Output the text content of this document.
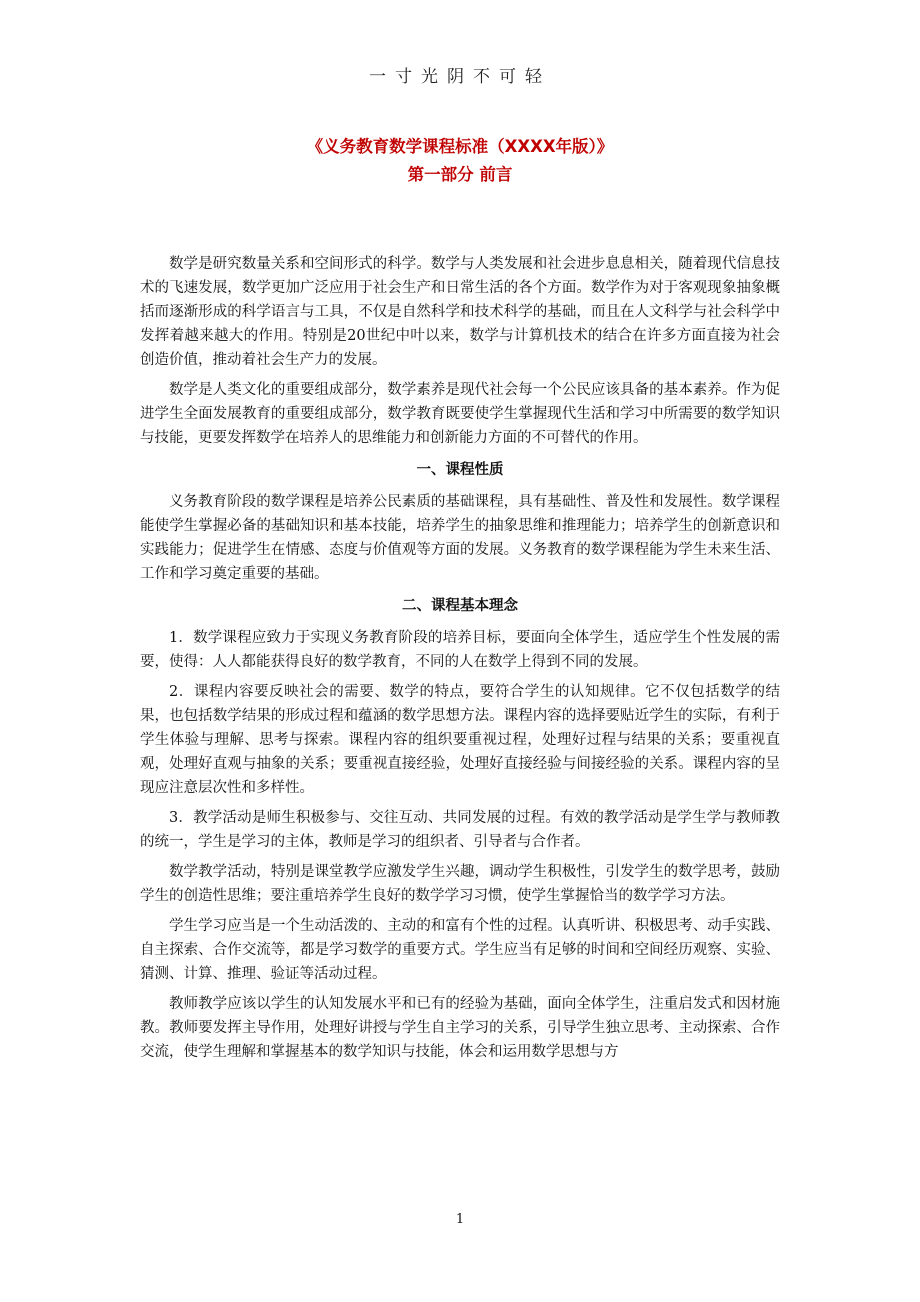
一寸光阴不可轻
《义务教育数学课程标准（XXXX年版）》
第一部分 前言

数学是研究数量关系和空间形式的科学。数学与人类发展和社会进步息息相关，随着现代信息技术的飞速发展，数学更加广泛应用于社会生产和日常生活的各个方面。数学作为对于客观现象抽象概括而逐渐形成的科学语言与工具，不仅是自然科学和技术科学的基础，而且在人文科学与社会科学中发挥着越来越大的作用。特别是20世纪中叶以来，数学与计算机技术的结合在许多方面直接为社会创造价值，推动着社会生产力的发展。

数学是人类文化的重要组成部分，数学素养是现代社会每一个公民应该具备的基本素养。作为促进学生全面发展教育的重要组成部分，数学教育既要使学生掌握现代生活和学习中所需要的数学知识与技能，更要发挥数学在培养人的思维能力和创新能力方面的不可替代的作用。

一、课程性质

义务教育阶段的数学课程是培养公民素质的基础课程，具有基础性、普及性和发展性。数学课程能使学生掌握必备的基础知识和基本技能，培养学生的抽象思维和推理能力；培养学生的创新意识和实践能力；促进学生在情感、态度与价值观等方面的发展。义务教育的数学课程能为学生未来生活、工作和学习奠定重要的基础。

二、课程基本理念

1．数学课程应致力于实现义务教育阶段的培养目标，要面向全体学生，适应学生个性发展的需要，使得：人人都能获得良好的数学教育，不同的人在数学上得到不同的发展。

2．课程内容要反映社会的需要、数学的特点，要符合学生的认知规律。它不仅包括数学的结果，也包括数学结果的形成过程和蕴涵的数学思想方法。课程内容的选择要贴近学生的实际，有利于学生体验与理解、思考与探索。课程内容的组织要重视过程，处理好过程与结果的关系；要重视直观，处理好直观与抽象的关系；要重视直接经验，处理好直接经验与间接经验的关系。课程内容的呈现应注意层次性和多样性。

3．教学活动是师生积极参与、交往互动、共同发展的过程。有效的教学活动是学生学与教师教的统一，学生是学习的主体，教师是学习的组织者、引导者与合作者。

数学教学活动，特别是课堂教学应激发学生兴趣，调动学生积极性，引发学生的数学思考，鼓励学生的创造性思维；要注重培养学生良好的数学学习习惯，使学生掌握恰当的数学学习方法。

学生学习应当是一个生动活泼的、主动的和富有个性的过程。认真听讲、积极思考、动手实践、自主探索、合作交流等，都是学习数学的重要方式。学生应当有足够的时间和空间经历观察、实验、猜测、计算、推理、验证等活动过程。

教师教学应该以学生的认知发展水平和已有的经验为基础，面向全体学生，注重启发式和因材施教。教师要发挥主导作用，处理好讲授与学生自主学习的关系，引导学生独立思考、主动探索、合作交流，使学生理解和掌握基本的数学知识与技能，体会和运用数学思想与方

1
